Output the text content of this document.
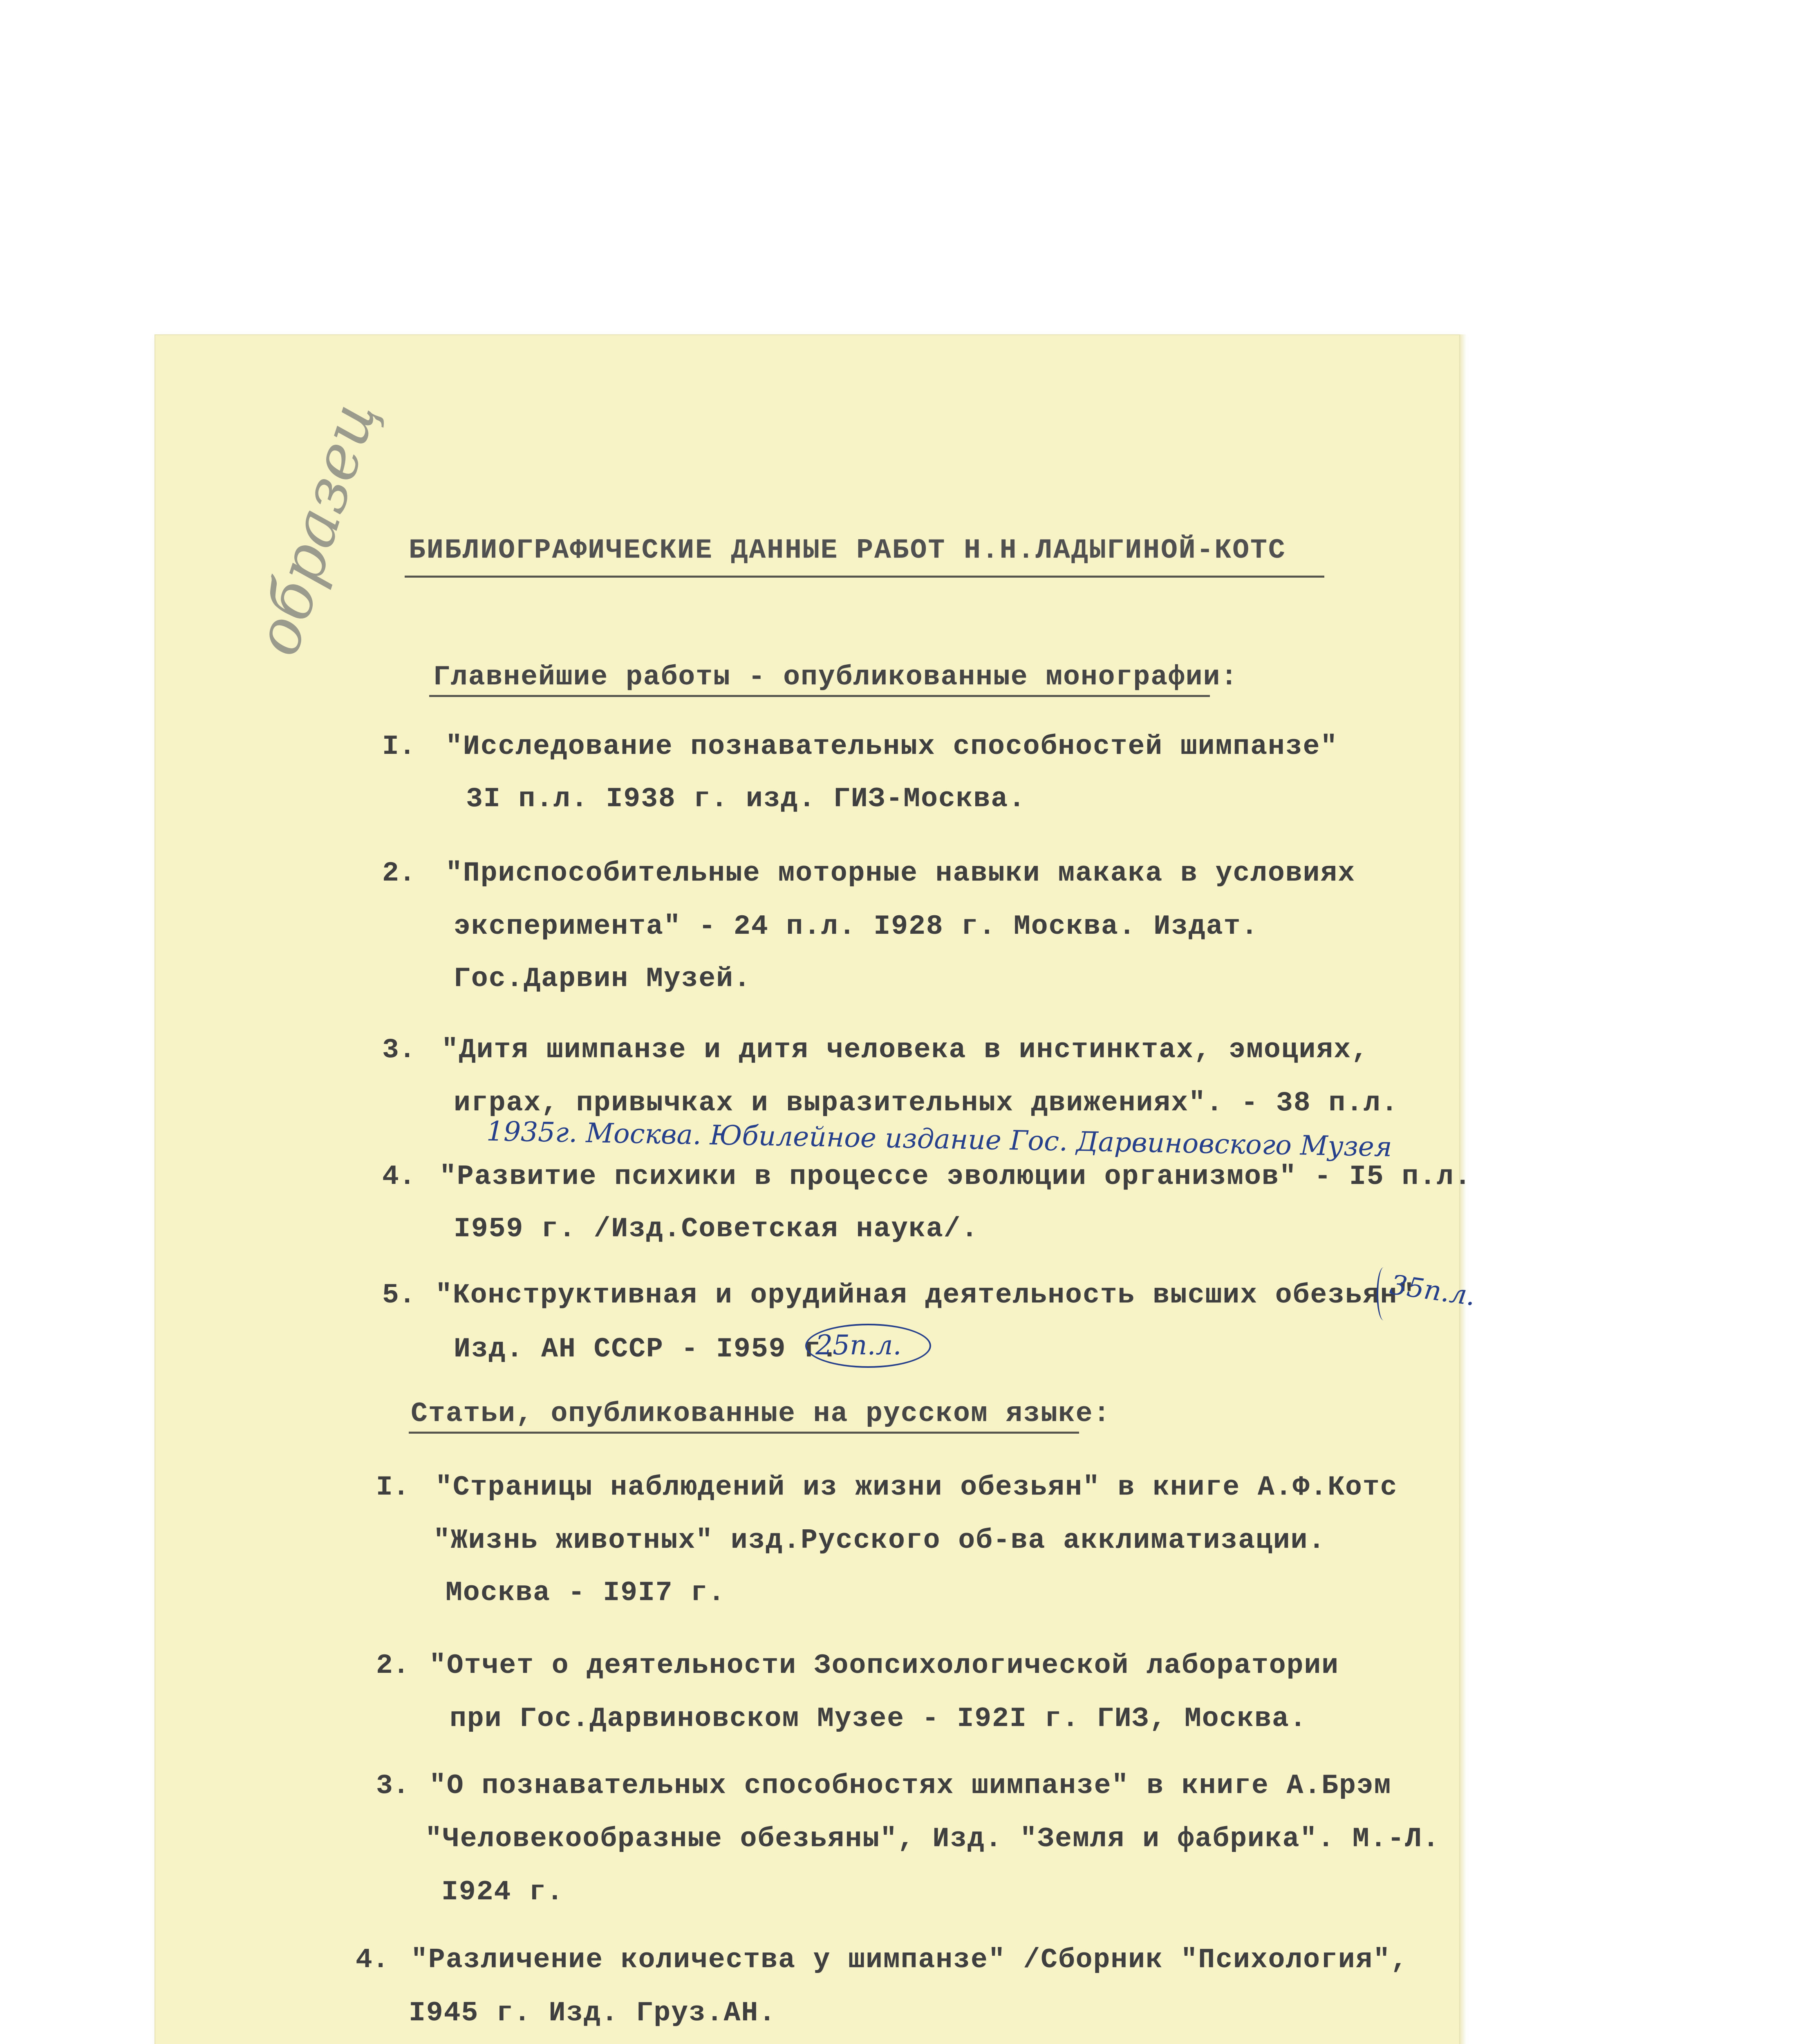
образец БИБЛИОГРАФИЧЕСКИЕ ДАННЫЕ РАБОТ Н.Н.ЛАДЫГИНОЙ-КОТС
Главнейшие работы - опубликованные монографии:
I. "Исследование познавательных способностей шимпанзе"
3I п.л. I938 г. изд. ГИЗ-Москва.
2. "Приспособительные моторные навыки макака в условиях
эксперимента" - 24 п.л. I928 г. Москва. Издат.
Гос.Дарвин Музей.
3. "Дитя шимпанзе и дитя человека в инстинктах, эмоциях,
играх, привычках и выразительных движениях". - 38 п.л.
1935г. Москва. Юбилейное издание Гос. Дарвиновского Музея
4. "Развитие психики в процессе эволюции организмов" - I5 п.л.
I959 г. /Изд.Советская наука/.
5. "Конструктивная и орудийная деятельность высших обезьян"
Изд. АН СССР - I959 г.
35п.л.
25п.л.
Статьи, опубликованные на русском языке:
I. "Страницы наблюдений из жизни обезьян" в книге А.Ф.Котс
"Жизнь животных" изд.Русского об-ва акклиматизации.
Москва - I9I7 г.
2. "Отчет о деятельности Зоопсихологической лаборатории
при Гос.Дарвиновском Музее - I92I г. ГИЗ, Москва.
3. "О познавательных способностях шимпанзе" в книге А.Брэм
"Человекообразные обезьяны", Изд. "Земля и фабрика". М.-Л.
I924 г.
4. "Различение количества у шимпанзе" /Сборник "Психология",
I945 г. Изд. Груз.АН.
